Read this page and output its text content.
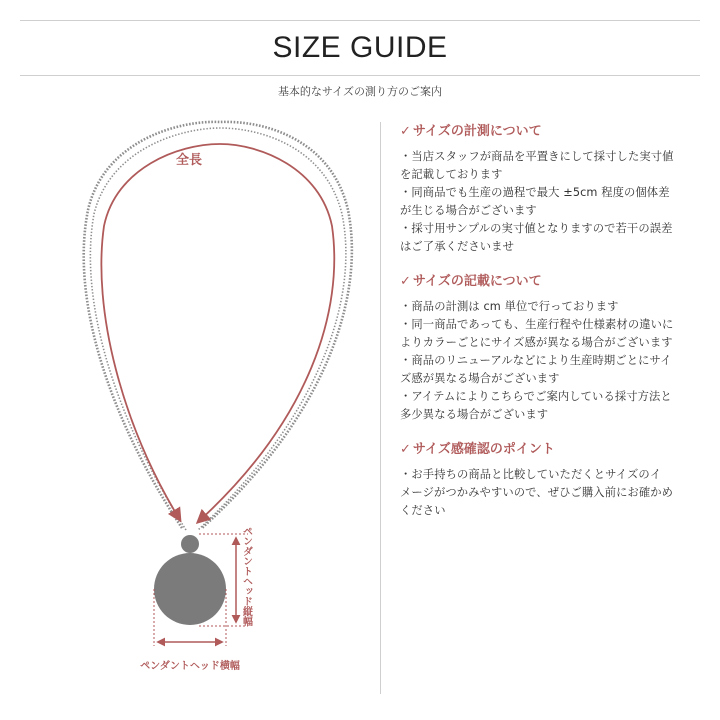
SIZE GUIDE
基本的なサイズの測り方のご案内
全長
ペンダントヘッド縦幅
ペンダントヘッド横幅
✓ サイズの計測について
・当店スタッフが商品を平置きにして採寸した実寸値
を記載しております
・同商品でも生産の過程で最大 ±5cm 程度の個体差
が生じる場合がございます
・採寸用サンプルの実寸値となりますので若干の誤差
はご了承くださいませ
✓ サイズの記載について
・商品の計測は cm 単位で行っております
・同一商品であっても、生産行程や仕様素材の違いに
よりカラーごとにサイズ感が異なる場合がございます
・商品のリニューアルなどにより生産時期ごとにサイ
ズ感が異なる場合がございます
・アイテムによりこちらでご案内している採寸方法と
多少異なる場合がございます
✓ サイズ感確認のポイント
・お手持ちの商品と比較していただくとサイズのイ
メージがつかみやすいので、ぜひご購入前にお確かめ
ください
